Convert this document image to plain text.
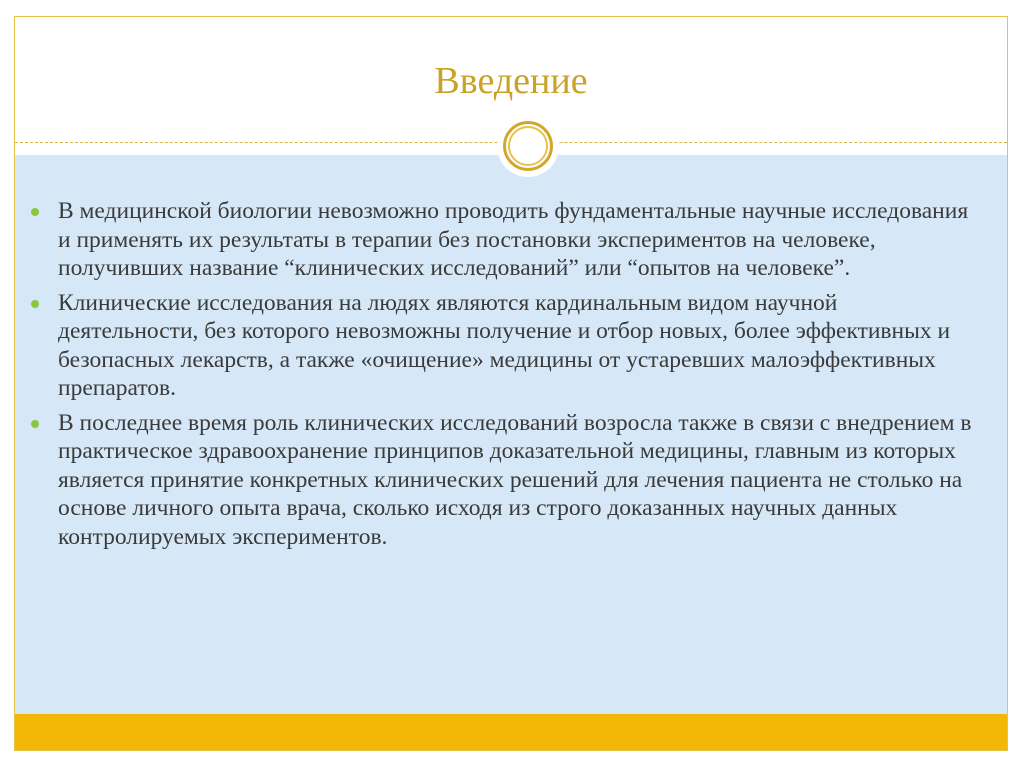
Введение
В медицинской биологии невозможно проводить фундаментальные научные исследования и применять их результаты в терапии без постановки экспериментов на человеке, получивших название “клинических исследований” или “опытов на человеке”.
Клинические исследования на людях являются кардинальным видом научной деятельности, без которого невозможны получение и отбор новых, более эффективных и безопасных лекарств, а также «очищение» медицины от устаревших малоэффективных препаратов.
В последнее время роль клинических исследований возросла также в связи с внедрением в практическое здравоохранение принципов доказательной медицины, главным из которых является принятие конкретных клинических решений для лечения пациента не столько на основе личного опыта врача, сколько исходя из строго доказанных научных данных контролируемых экспериментов.
